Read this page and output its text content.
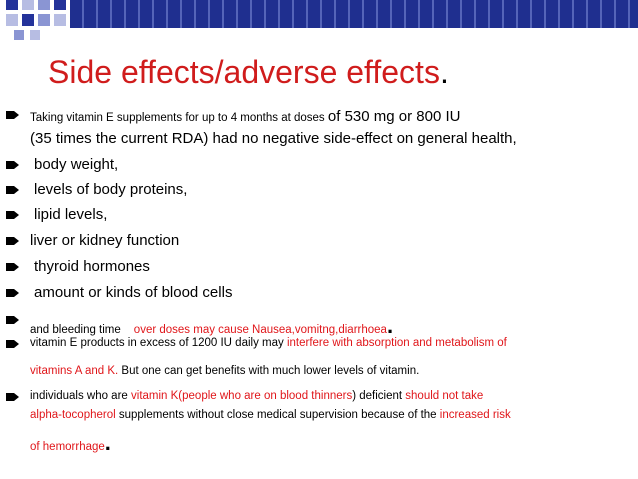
Side effects/adverse effects.
Taking vitamin E supplements for up to 4 months at doses of 530 mg or 800 IU
(35 times the current RDA) had no negative side-effect on general health,
body weight,
levels of body proteins,
lipid levels,
liver or kidney function
thyroid hormones
amount or kinds of blood cells
and bleeding time over doses may cause Nausea,vomitng,diarrhoea.
vitamin E products in excess of 1200 IU daily may interfere with absorption and metabolism of
vitamins A and K. But one can get benefits with much lower levels of vitamin.
individuals who are vitamin K(people who are on blood thinners) deficient should not take
alpha-tocopherol supplements without close medical supervision because of the increased risk
of hemorrhage.
